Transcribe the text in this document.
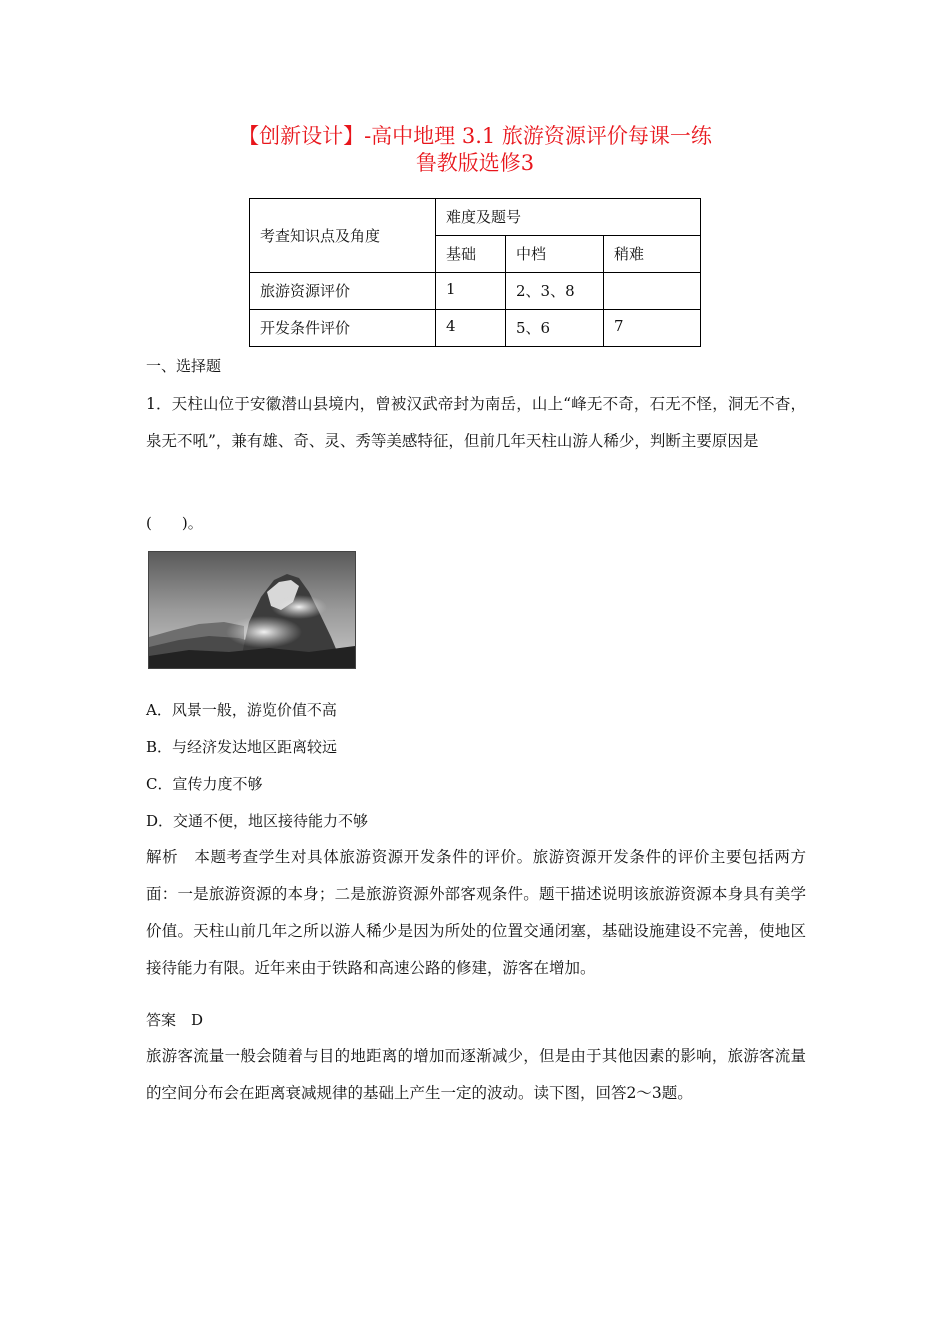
【创新设计】-高中地理 3.1 旅游资源评价每课一练
鲁教版选修3
考查知识点及角度	难度及题号		
	基础	中档	稍难
旅游资源评价	1	2、3、8	
开发条件评价	4	5、6	7
一、选择题
1．天柱山位于安徽潜山县境内，曾被汉武帝封为南岳，山上“峰无不奇，石无不怪，洞无不杳，泉无不吼”，兼有雄、奇、灵、秀等美感特征，但前几年天柱山游人稀少，判断主要原因是
(　　)。
A．风景一般，游览价值不高
B．与经济发达地区距离较远
C．宣传力度不够
D．交通不便，地区接待能力不够
解析　本题考查学生对具体旅游资源开发条件的评价。旅游资源开发条件的评价主要包括两方面：一是旅游资源的本身；二是旅游资源外部客观条件。题干描述说明该旅游资源本身具有美学价值。天柱山前几年之所以游人稀少是因为所处的位置交通闭塞，基础设施建设不完善，使地区接待能力有限。近年来由于铁路和高速公路的修建，游客在增加。
答案　D
旅游客流量一般会随着与目的地距离的增加而逐渐减少，但是由于其他因素的影响，旅游客流量的空间分布会在距离衰减规律的基础上产生一定的波动。读下图，回答2～3题。
